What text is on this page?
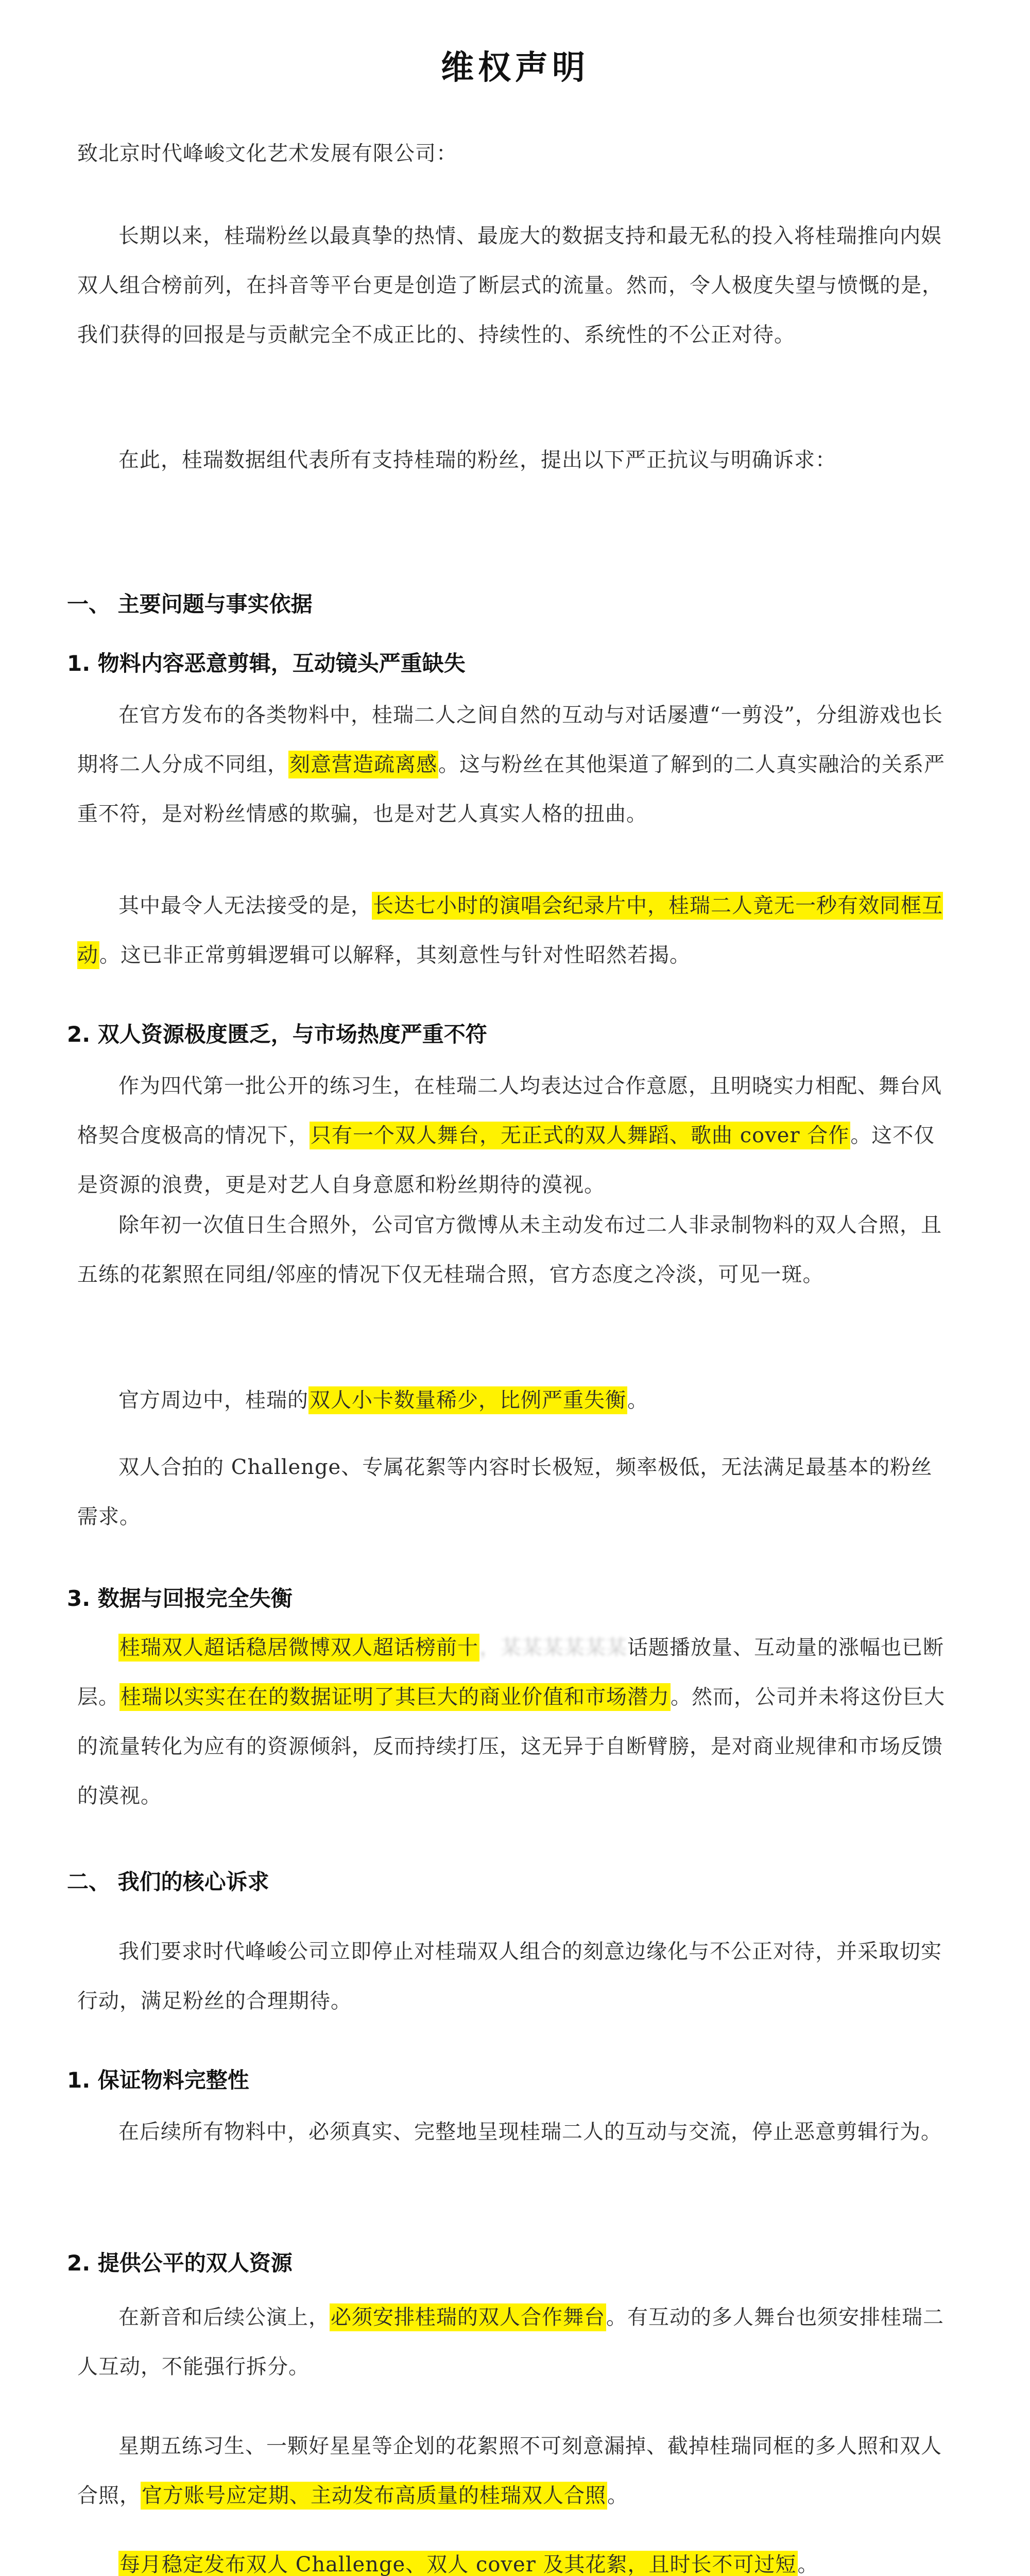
维权声明

致北京时代峰峻文化艺术发展有限公司：

长期以来，桂瑞粉丝以最真挚的热情、最庞大的数据支持和最无私的投入将桂瑞推向内娱双人组合榜前列，在抖音等平台更是创造了断层式的流量。然而，令人极度失望与愤慨的是，我们获得的回报是与贡献完全不成正比的、持续性的、系统性的不公正对待。

在此，桂瑞数据组代表所有支持桂瑞的粉丝，提出以下严正抗议与明确诉求：

一、 主要问题与事实依据
1. 物料内容恶意剪辑，互动镜头严重缺失

在官方发布的各类物料中，桂瑞二人之间自然的互动与对话屡遭“一剪没”，分组游戏也长期将二人分成不同组，刻意营造疏离感。这与粉丝在其他渠道了解到的二人真实融洽的关系严重不符，是对粉丝情感的欺骗，也是对艺人真实人格的扭曲。

其中最令人无法接受的是，长达七小时的演唱会纪录片中，桂瑞二人竟无一秒有效同框互动。这已非正常剪辑逻辑可以解释，其刻意性与针对性昭然若揭。

2. 双人资源极度匮乏，与市场热度严重不符

作为四代第一批公开的练习生，在桂瑞二人均表达过合作意愿，且明晓实力相配、舞台风格契合度极高的情况下，只有一个双人舞台，无正式的双人舞蹈、歌曲 cover 合作。这不仅是资源的浪费，更是对艺人自身意愿和粉丝期待的漠视。

除年初一次值日生合照外，公司官方微博从未主动发布过二人非录制物料的双人合照，且五练的花絮照在同组/邻座的情况下仅无桂瑞合照，官方态度之冷淡，可见一斑。

官方周边中，桂瑞的双人小卡数量稀少，比例严重失衡。

双人合拍的 Challenge、专属花絮等内容时长极短，频率极低，无法满足最基本的粉丝需求。

3. 数据与回报完全失衡

桂瑞双人超话稳居微博双人超话榜前十，某某某某某某话题播放量、互动量的涨幅也已断层。桂瑞以实实在在的数据证明了其巨大的商业价值和市场潜力。然而，公司并未将这份巨大的流量转化为应有的资源倾斜，反而持续打压，这无异于自断臂膀，是对商业规律和市场反馈的漠视。

二、 我们的核心诉求

我们要求时代峰峻公司立即停止对桂瑞双人组合的刻意边缘化与不公正对待，并采取切实行动，满足粉丝的合理期待。

1. 保证物料完整性

在后续所有物料中，必须真实、完整地呈现桂瑞二人的互动与交流，停止恶意剪辑行为。

2. 提供公平的双人资源

在新音和后续公演上，必须安排桂瑞的双人合作舞台。有互动的多人舞台也须安排桂瑞二人互动，不能强行拆分。

星期五练习生、一颗好星星等企划的花絮照不可刻意漏掉、截掉桂瑞同框的多人照和双人合照，官方账号应定期、主动发布高质量的桂瑞双人合照。

每月稳定发布双人 Challenge、双人 cover 及其花絮，且时长不可过短。
